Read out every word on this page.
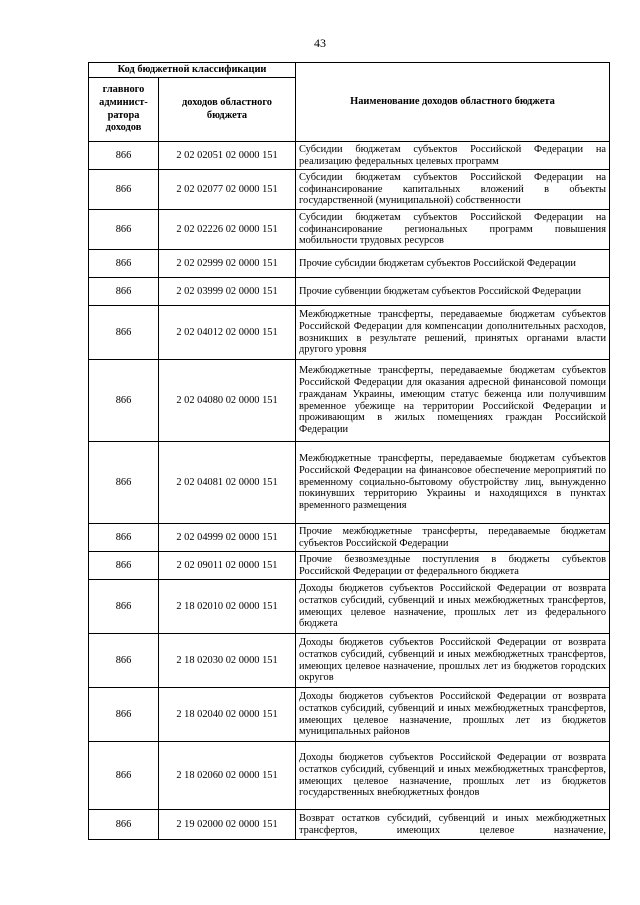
43
Код бюджетной классификации		Наименование доходов областного бюджета
главного админист-ратора доходов	доходов областного бюджета	
866	2 02 02051 02 0000 151	Субсидии бюджетам субъектов Российской Федерации на реализацию федеральных целевых программ
866	2 02 02077 02 0000 151	Субсидии бюджетам субъектов Российской Федерации на софинансирование капитальных вложений в объекты государственной (муниципальной) собственности
866	2 02 02226 02 0000 151	Субсидии бюджетам субъектов Российской Федерации на софинансирование региональных программ повышения мобильности трудовых ресурсов
866	2 02 02999 02 0000 151	Прочие субсидии бюджетам субъектов Российской Федерации
866	2 02 03999 02 0000 151	Прочие субвенции бюджетам субъектов Российской Федерации
866	2 02 04012 02 0000 151	Межбюджетные трансферты, передаваемые бюджетам субъектов Российской Федерации для компенсации дополнительных расходов, возникших в результате решений, принятых органами власти другого уровня
866	2 02 04080 02 0000 151	Межбюджетные трансферты, передаваемые бюджетам субъектов Российской Федерации для оказания адресной финансовой помощи гражданам Украины, имеющим статус беженца или получившим временное убежище на территории Российской Федерации и проживающим в жилых помещениях граждан Российской Федерации
866	2 02 04081 02 0000 151	Межбюджетные трансферты, передаваемые бюджетам субъектов Российской Федерации на финансовое обеспечение мероприятий по временному социально-бытовому обустройству лиц, вынужденно покинувших территорию Украины и находящихся в пунктах временного размещения
866	2 02 04999 02 0000 151	Прочие межбюджетные трансферты, передаваемые бюджетам субъектов Российской Федерации
866	2 02 09011 02 0000 151	Прочие безвозмездные поступления в бюджеты субъектов Российской Федерации от федерального бюджета
866	2 18 02010 02 0000 151	Доходы бюджетов субъектов Российской Федерации от возврата остатков субсидий, субвенций и иных межбюджетных трансфертов, имеющих целевое назначение, прошлых лет из федерального бюджета
866	2 18 02030 02 0000 151	Доходы бюджетов субъектов Российской Федерации от возврата остатков субсидий, субвенций и иных межбюджетных трансфертов, имеющих целевое назначение, прошлых лет из бюджетов городских округов
866	2 18 02040 02 0000 151	Доходы бюджетов субъектов Российской Федерации от возврата остатков субсидий, субвенций и иных межбюджетных трансфертов, имеющих целевое назначение, прошлых лет из бюджетов муниципальных районов
866	2 18 02060 02 0000 151	Доходы бюджетов субъектов Российской Федерации от возврата остатков субсидий, субвенций и иных межбюджетных трансфертов, имеющих целевое назначение, прошлых лет из бюджетов государственных внебюджетных фондов
866	2 19 02000 02 0000 151	Возврат остатков субсидий, субвенций и иных межбюджетных трансфертов, имеющих целевое назначение,
